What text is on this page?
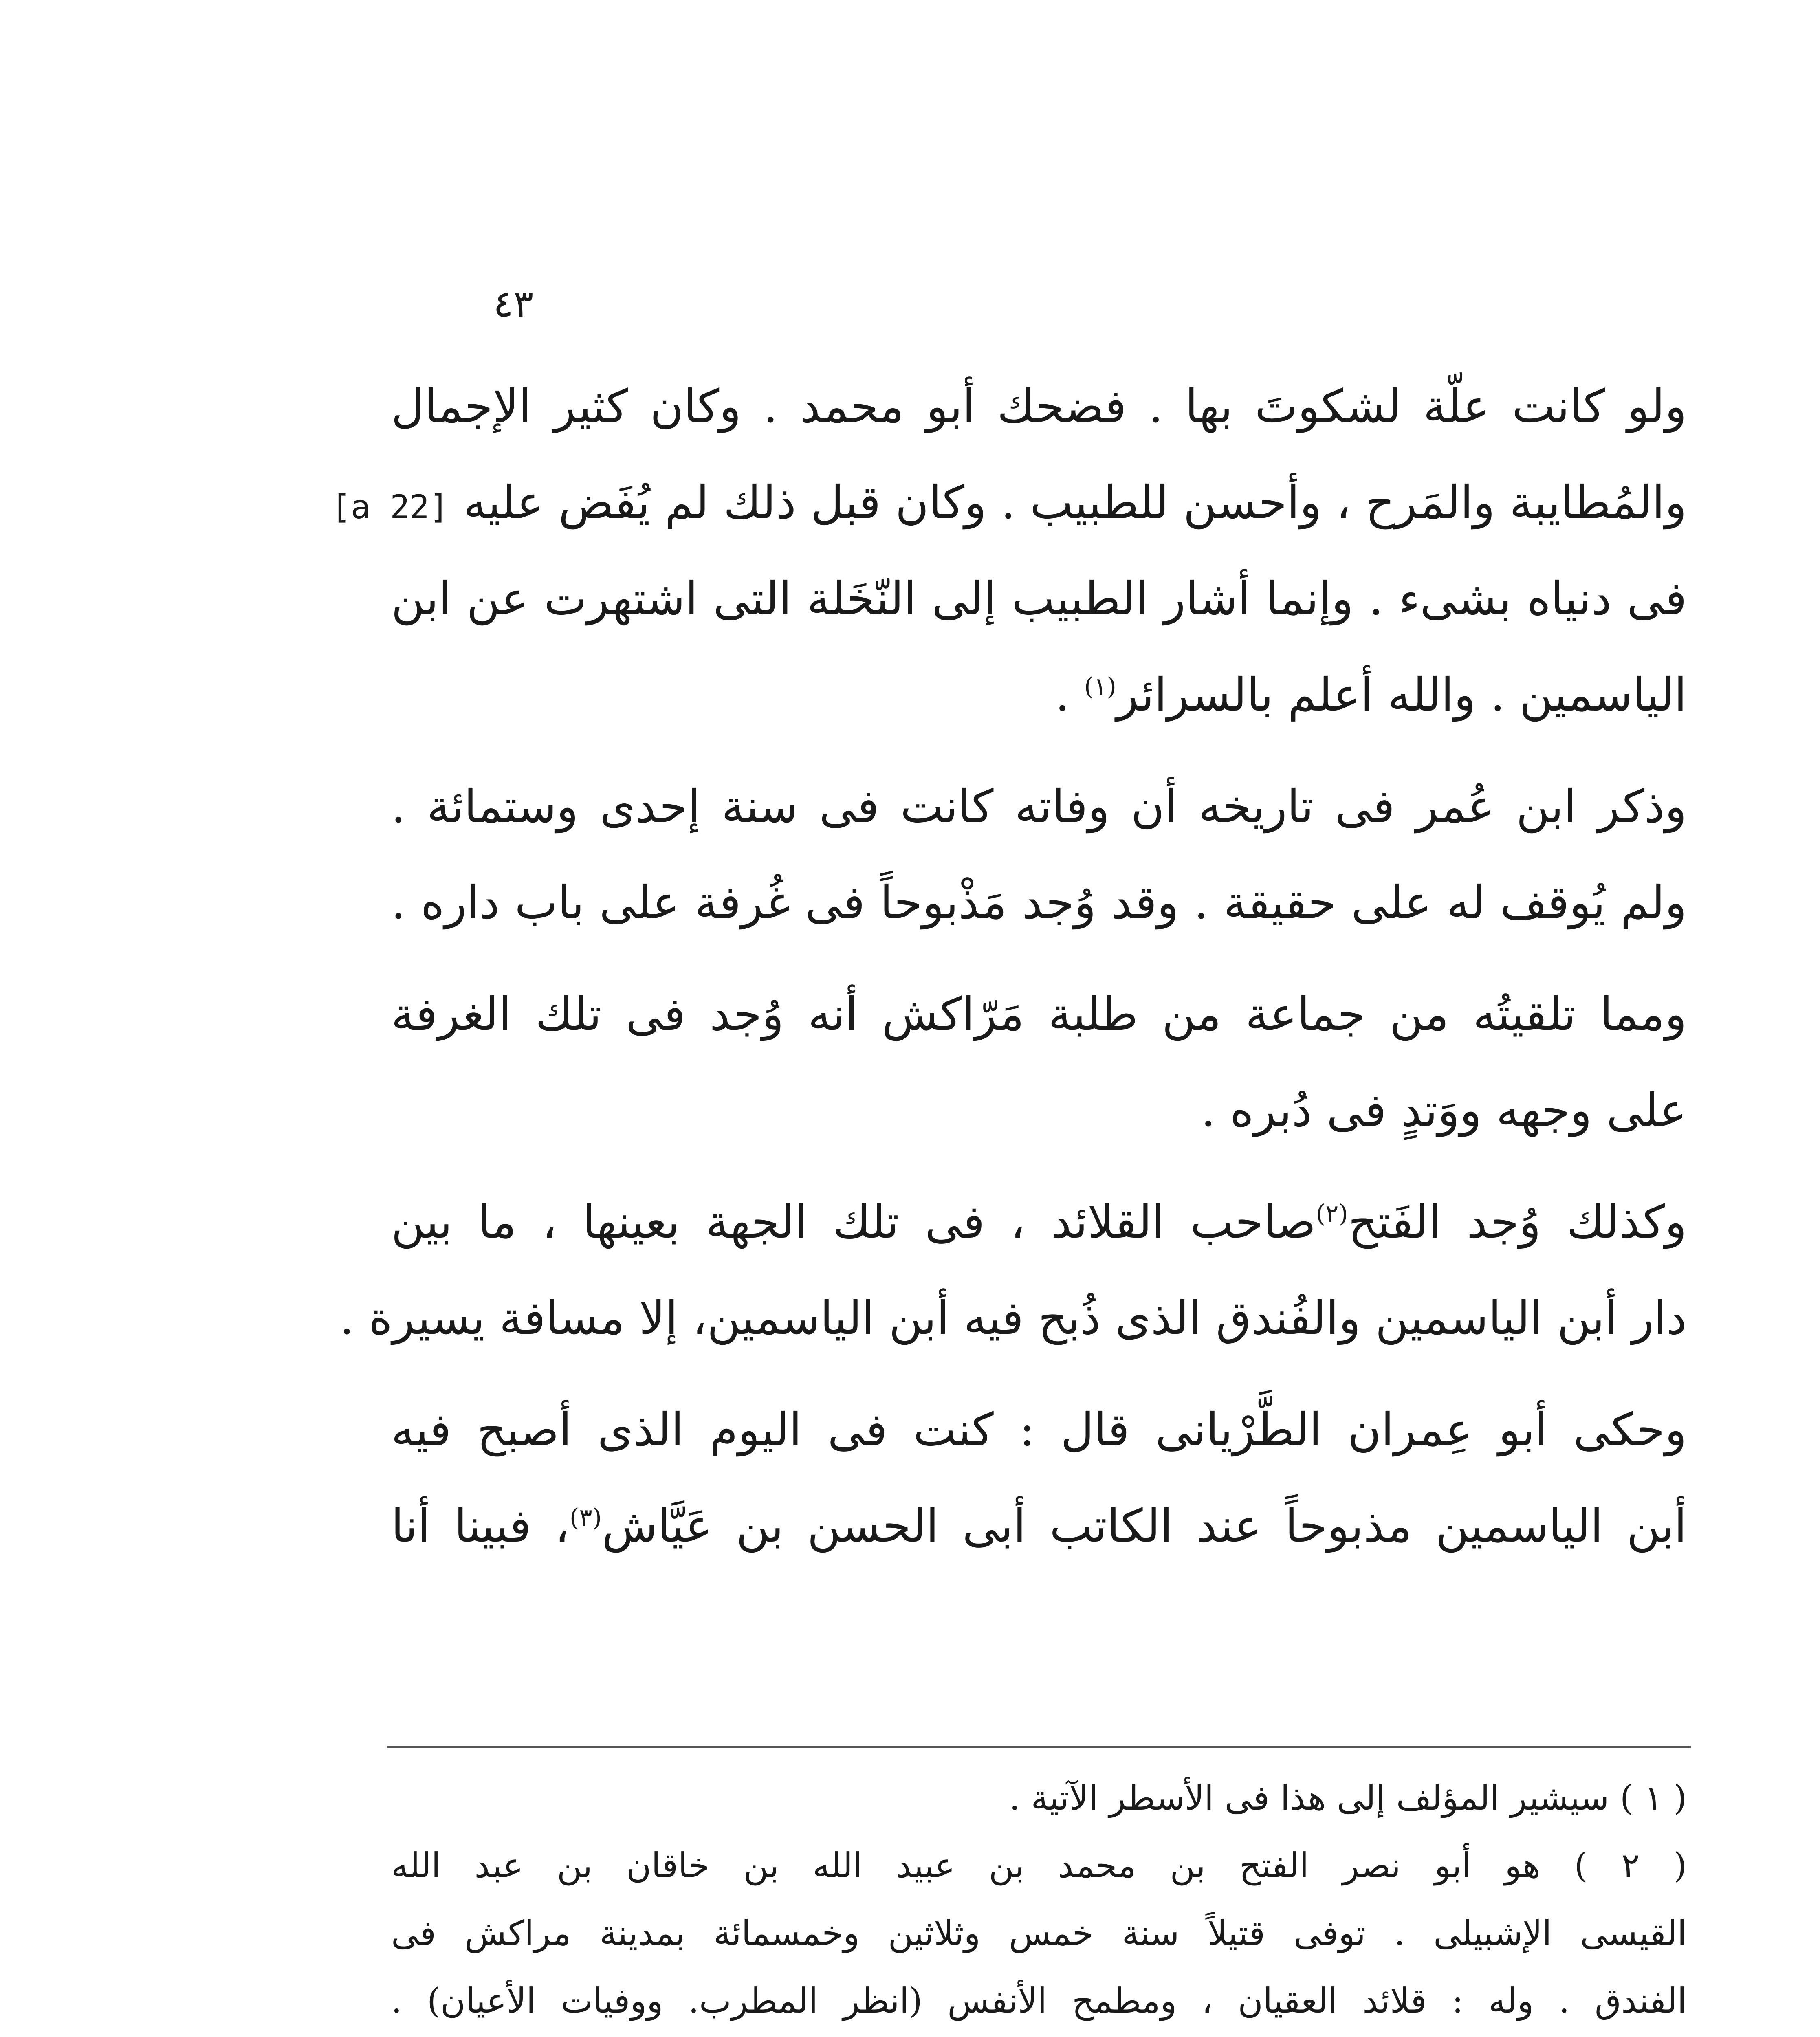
٤٣
ولو كانت علّة لشكوتَ بها . فضحك أبو محمد . وكان كثير الإجمال
والمُطايبة والمَرح ، وأحسن للطبيب . وكان قبل ذلك لم يُفَض عليه [22 a]
فى دنياه بشىء . وإنما أشار الطبيب إلى النّخَلة التى اشتهرت عن ابن
الياسمين . والله أعلم بالسرائر$^{(١)}$ .
وذكر ابن عُمر فى تاريخه أن وفاته كانت فى سنة إحدى وستمائة .
ولم يُوقف له على حقيقة . وقد وُجد مَذْبوحاً فى غُرفة على باب داره .
ومما تلقيتُه من جماعة من طلبة مَرّاكش أنه وُجد فى تلك الغرفة
على وجهه ووَتدٍ فى دُبره .
وكذلك وُجد الفَتح$^{(٢)}$صاحب القلائد ، فى تلك الجهة بعينها ، ما بين
دار أبن الياسمين والفُندق الذى ذُبح فيه أبن الياسمين، إلا مسافة يسيرة .
وحكى أبو عِمران الطَّرْيانى قال : كنت فى اليوم الذى أصبح فيه
أبن الياسمين مذبوحاً عند الكاتب أبى الحسن بن عَيَّاش$^{(٣)}$، فبينا أنا
( ١ ) سيشير المؤلف إلى هذا فى الأسطر الآتية .
( ٢ ) هو أبو نصر الفتح بن محمد بن عبيد الله بن خاقان بن عبد الله
القيسى الإشبيلى . توفى قتيلاً سنة خمس وثلاثين وخمسمائة بمدينة مراكش فى
الفندق . وله : قلائد العقيان ، ومطمح الأنفس (انظر المطرب. ووفيات الأعيان) .
